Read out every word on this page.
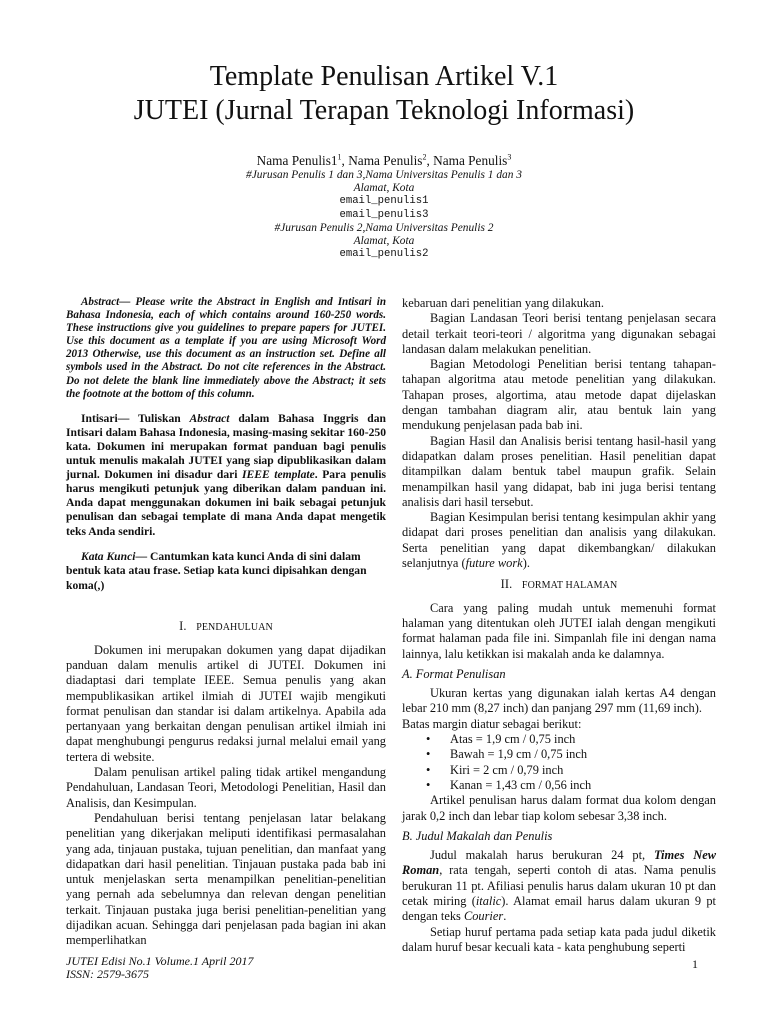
Template Penulisan Artikel V.1
JUTEI (Jurnal Terapan Teknologi Informasi)
Nama $Penulis1^1$, Nama Penulis$^2$, Nama Penulis$^3$
#Jurusan Penulis 1 dan 3,Nama Universitas Penulis 1 dan 3
Alamat, Kota
email_penulis1
email_penulis3
#Jurusan Penulis 2,Nama Universitas Penulis 2
Alamat, Kota
email_penulis2

Abstract— Please write the Abstract in English and Intisari in Bahasa Indonesia, each of which contains around 160-250 words. These instructions give you guidelines to prepare papers for JUTEI. Use this document as a template if you are using Microsoft Word 2013 Otherwise, use this document as an instruction set. Define all symbols used in the Abstract. Do not cite references in the Abstract. Do not delete the blank line immediately above the Abstract; it sets the footnote at the bottom of this column.

Intisari— Tuliskan Abstract dalam Bahasa Inggris dan Intisari dalam Bahasa Indonesia, masing-masing sekitar 160-250 kata. Dokumen ini merupakan format panduan bagi penulis untuk menulis makalah JUTEI yang siap dipublikasikan dalam jurnal. Dokumen ini disadur dari IEEE template. Para penulis harus mengikuti petunjuk yang diberikan dalam panduan ini. Anda dapat menggunakan dokumen ini baik sebagai petunjuk penulisan dan sebagai template di mana Anda dapat mengetik teks Anda sendiri.

Kata Kunci— Cantumkan kata kunci Anda di sini dalam bentuk kata atau frase. Setiap kata kunci dipisahkan dengan koma(,)

I. PENDAHULUAN

Dokumen ini merupakan dokumen yang dapat dijadikan panduan dalam menulis artikel di JUTEI. Dokumen ini diadaptasi dari template IEEE. Semua penulis yang akan mempublikasikan artikel ilmiah di JUTEI wajib mengikuti format penulisan dan standar isi dalam artikelnya. Apabila ada pertanyaan yang berkaitan dengan penulisan artikel ilmiah ini dapat menghubungi pengurus redaksi jurnal melalui email yang tertera di website.

Dalam penulisan artikel paling tidak artikel mengandung Pendahuluan, Landasan Teori, Metodologi Penelitian, Hasil dan Analisis, dan Kesimpulan.

Pendahuluan berisi tentang penjelasan latar belakang penelitian yang dikerjakan meliputi identifikasi permasalahan yang ada, tinjauan pustaka, tujuan penelitian, dan manfaat yang didapatkan dari hasil penelitian. Tinjauan pustaka pada bab ini untuk menjelaskan serta menampilkan penelitian-penelitian yang pernah ada sebelumnya dan relevan dengan penelitian terkait. Tinjauan pustaka juga berisi penelitian-penelitian yang dijadikan acuan. Sehingga dari penjelasan pada bagian ini akan memperlihatkan

kebaruan dari penelitian yang dilakukan.

Bagian Landasan Teori berisi tentang penjelasan secara detail terkait teori-teori / algoritma yang digunakan sebagai landasan dalam melakukan penelitian.

Bagian Metodologi Penelitian berisi tentang tahapan-tahapan algoritma atau metode penelitian yang dilakukan. Tahapan proses, algortima, atau metode dapat dijelaskan dengan tambahan diagram alir, atau bentuk lain yang mendukung penjelasan pada bab ini.

Bagian Hasil dan Analisis berisi tentang hasil-hasil yang didapatkan dalam proses penelitian. Hasil penelitian dapat ditampilkan dalam bentuk tabel maupun grafik. Selain menampilkan hasil yang didapat, bab ini juga berisi tentang analisis dari hasil tersebut.

Bagian Kesimpulan berisi tentang kesimpulan akhir yang didapat dari proses penelitian dan analisis yang dilakukan. Serta penelitian yang dapat dikembangkan/ dilakukan selanjutnya (future work).

II. FORMAT HALAMAN

Cara yang paling mudah untuk memenuhi format halaman yang ditentukan oleh JUTEI ialah dengan mengikuti format halaman pada file ini. Simpanlah file ini dengan nama lainnya, lalu ketikkan isi makalah anda ke dalamnya.

A. Format Penulisan

Ukuran kertas yang digunakan ialah kertas A4 dengan lebar 210 mm (8,27 inch) dan panjang 297 mm (11,69 inch).

Batas margin diatur sebagai berikut:

• Atas = 1,9 cm / 0,75 inch
• Bawah = 1,9 cm / 0,75 inch
• Kiri = 2 cm / 0,79 inch
• Kanan = 1,43 cm / 0,56 inch

Artikel penulisan harus dalam format dua kolom dengan jarak 0,2 inch dan lebar tiap kolom sebesar 3,38 inch.

B. Judul Makalah dan Penulis

Judul makalah harus berukuran 24 pt, Times New Roman, rata tengah, seperti contoh di atas. Nama penulis berukuran 11 pt. Afiliasi penulis harus dalam ukuran 10 pt dan cetak miring (italic). Alamat email harus dalam ukuran 9 pt dengan teks Courier.

Setiap huruf pertama pada setiap kata pada judul diketik dalam huruf besar kecuali kata - kata penghubung seperti

JUTEI Edisi No.1 Volume.1 April 2017
ISSN: 2579-3675
1
